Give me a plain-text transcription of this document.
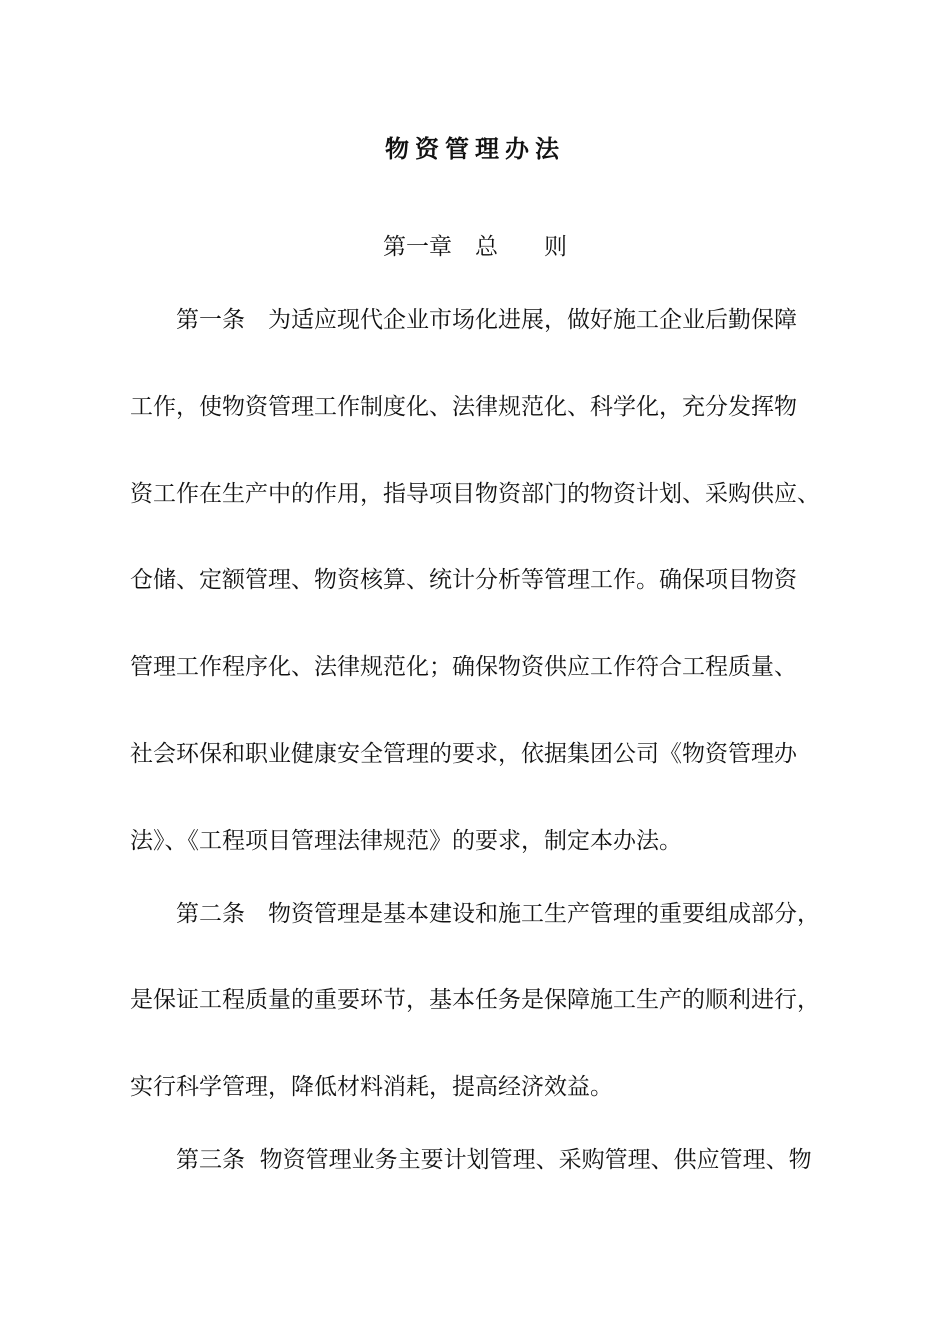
物资管理办法
第一章　总　　则
　　第一条　为适应现代企业市场化进展，做好施工企业后勤保障
工作，使物资管理工作制度化、法律规范化、科学化，充分发挥物
资工作在生产中的作用，指导项目物资部门的物资计划、采购供应、
仓储、定额管理、物资核算、统计分析等管理工作。确保项目物资
管理工作程序化、法律规范化；确保物资供应工作符合工程质量、
社会环保和职业健康安全管理的要求，依据集团公司《物资管理办
法》、《工程项目管理法律规范》的要求，制定本办法。
　　第二条　物资管理是基本建设和施工生产管理的重要组成部分，
是保证工程质量的重要环节，基本任务是保障施工生产的顺利进行，
实行科学管理，降低材料消耗，提高经济效益。
　　第三条  物资管理业务主要计划管理、采购管理、供应管理、物
